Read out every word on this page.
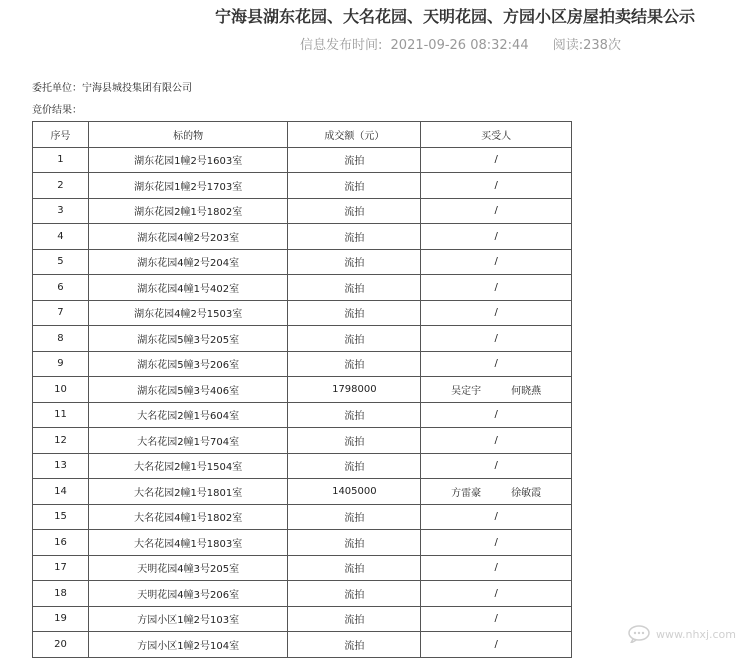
宁海县湖东花园、大名花园、天明花园、方园小区房屋拍卖结果公示
信息发布时间: 2021-09-26 08:32:44 阅读:238次
委托单位：宁海县城投集团有限公司
竞价结果：
序号	标的物	成交额（元）	买受人
1	湖东花园1幢2号1603室	流拍	/
2	湖东花园1幢2号1703室	流拍	/
3	湖东花园2幢1号1802室	流拍	/
4	湖东花园4幢2号203室	流拍	/
5	湖东花园4幢2号204室	流拍	/
6	湖东花园4幢1号402室	流拍	/
7	湖东花园4幢2号1503室	流拍	/
8	湖东花园5幢3号205室	流拍	/
9	湖东花园5幢3号206室	流拍	/
10	湖东花园5幢3号406室	1798000	吴定宇 何晓燕
11	大名花园2幢1号604室	流拍	/
12	大名花园2幢1号704室	流拍	/
13	大名花园2幢1号1504室	流拍	/
14	大名花园2幢1号1801室	1405000	方雷豪 徐敏霞
15	大名花园4幢1号1802室	流拍	/
16	大名花园4幢1号1803室	流拍	/
17	天明花园4幢3号205室	流拍	/
18	天明花园4幢3号206室	流拍	/
19	方园小区1幢2号103室	流拍	/
20	方园小区1幢2号104室	流拍	/
www.nhxj.com
